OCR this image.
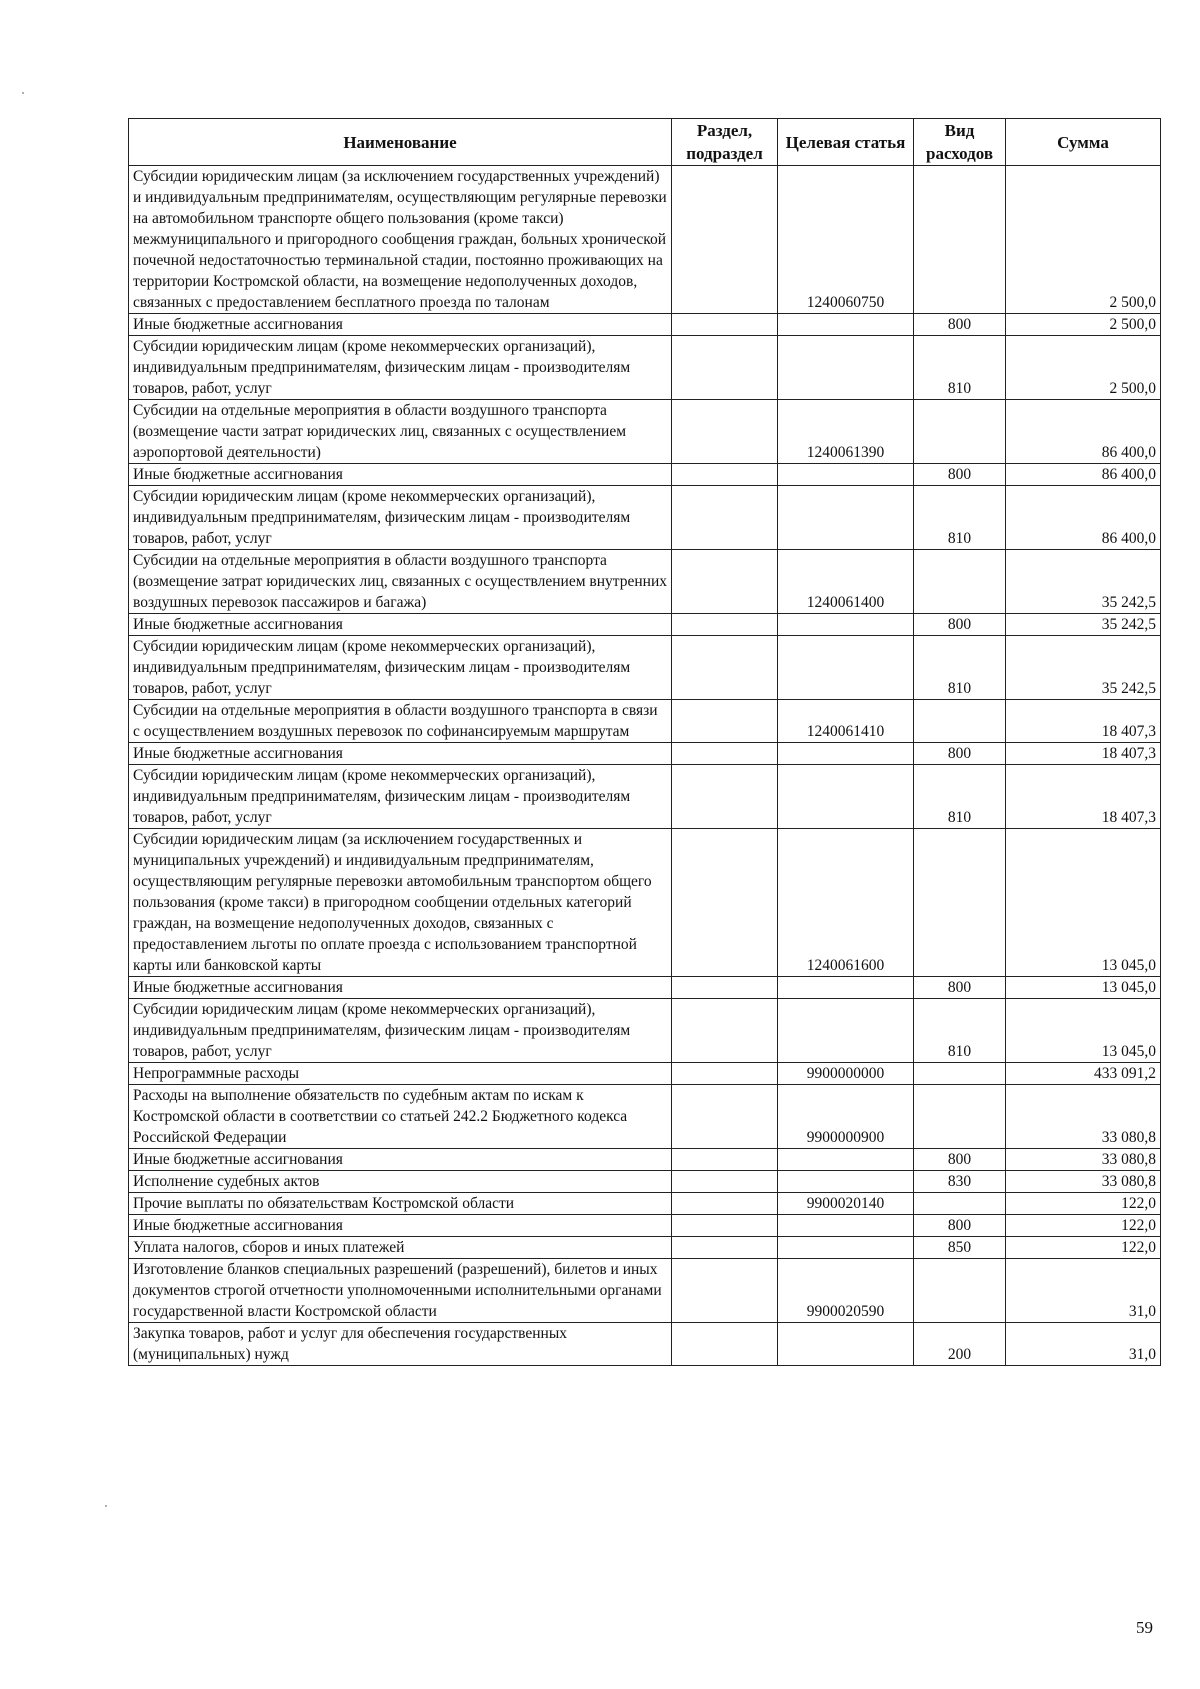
Наименование	Раздел, подраздел	Целевая статья	Вид расходов	Сумма
Субсидии юридическим лицам (за исключением государственных учреждений) и индивидуальным предпринимателям, осуществляющим регулярные перевозки на автомобильном транспорте общего пользования (кроме такси) межмуниципального и пригородного сообщения граждан, больных хронической почечной недостаточностью терминальной стадии, постоянно проживающих на территории Костромской области, на возмещение недополученных доходов, связанных с предоставлением бесплатного проезда по талонам		1240060750		2 500,0
Иные бюджетные ассигнования			800	2 500,0
Субсидии юридическим лицам (кроме некоммерческих организаций), индивидуальным предпринимателям, физическим лицам - производителям товаров, работ, услуг			810	2 500,0
Субсидии на отдельные мероприятия в области воздушного транспорта (возмещение части затрат юридических лиц, связанных с осуществлением аэропортовой деятельности)		1240061390		86 400,0
Иные бюджетные ассигнования			800	86 400,0
Субсидии юридическим лицам (кроме некоммерческих организаций), индивидуальным предпринимателям, физическим лицам - производителям товаров, работ, услуг			810	86 400,0
Субсидии на отдельные мероприятия в области воздушного транспорта (возмещение затрат юридических лиц, связанных с осуществлением внутренних воздушных перевозок пассажиров и багажа)		1240061400		35 242,5
Иные бюджетные ассигнования			800	35 242,5
Субсидии юридическим лицам (кроме некоммерческих организаций), индивидуальным предпринимателям, физическим лицам - производителям товаров, работ, услуг			810	35 242,5
Субсидии на отдельные мероприятия в области воздушного транспорта в связи с осуществлением воздушных перевозок по софинансируемым маршрутам		1240061410		18 407,3
Иные бюджетные ассигнования			800	18 407,3
Субсидии юридическим лицам (кроме некоммерческих организаций), индивидуальным предпринимателям, физическим лицам - производителям товаров, работ, услуг			810	18 407,3
Субсидии юридическим лицам (за исключением государственных и муниципальных учреждений) и индивидуальным предпринимателям, осуществляющим регулярные перевозки автомобильным транспортом общего пользования (кроме такси) в пригородном сообщении отдельных категорий граждан, на возмещение недополученных доходов, связанных с предоставлением льготы по оплате проезда с использованием транспортной карты или банковской карты		1240061600		13 045,0
Иные бюджетные ассигнования			800	13 045,0
Субсидии юридическим лицам (кроме некоммерческих организаций), индивидуальным предпринимателям, физическим лицам - производителям товаров, работ, услуг			810	13 045,0
Непрограммные расходы		9900000000		433 091,2
Расходы на выполнение обязательств по судебным актам по искам к Костромской области в соответствии со статьей 242.2 Бюджетного кодекса Российской Федерации		9900000900		33 080,8
Иные бюджетные ассигнования			800	33 080,8
Исполнение судебных актов			830	33 080,8
Прочие выплаты по обязательствам Костромской области		9900020140		122,0
Иные бюджетные ассигнования			800	122,0
Уплата налогов, сборов и иных платежей			850	122,0
Изготовление бланков специальных разрешений (разрешений), билетов и иных документов строгой отчетности уполномоченными исполнительными органами государственной власти Костромской области		9900020590		31,0
Закупка товаров, работ и услуг для обеспечения государственных (муниципальных) нужд			200	31,0
59
